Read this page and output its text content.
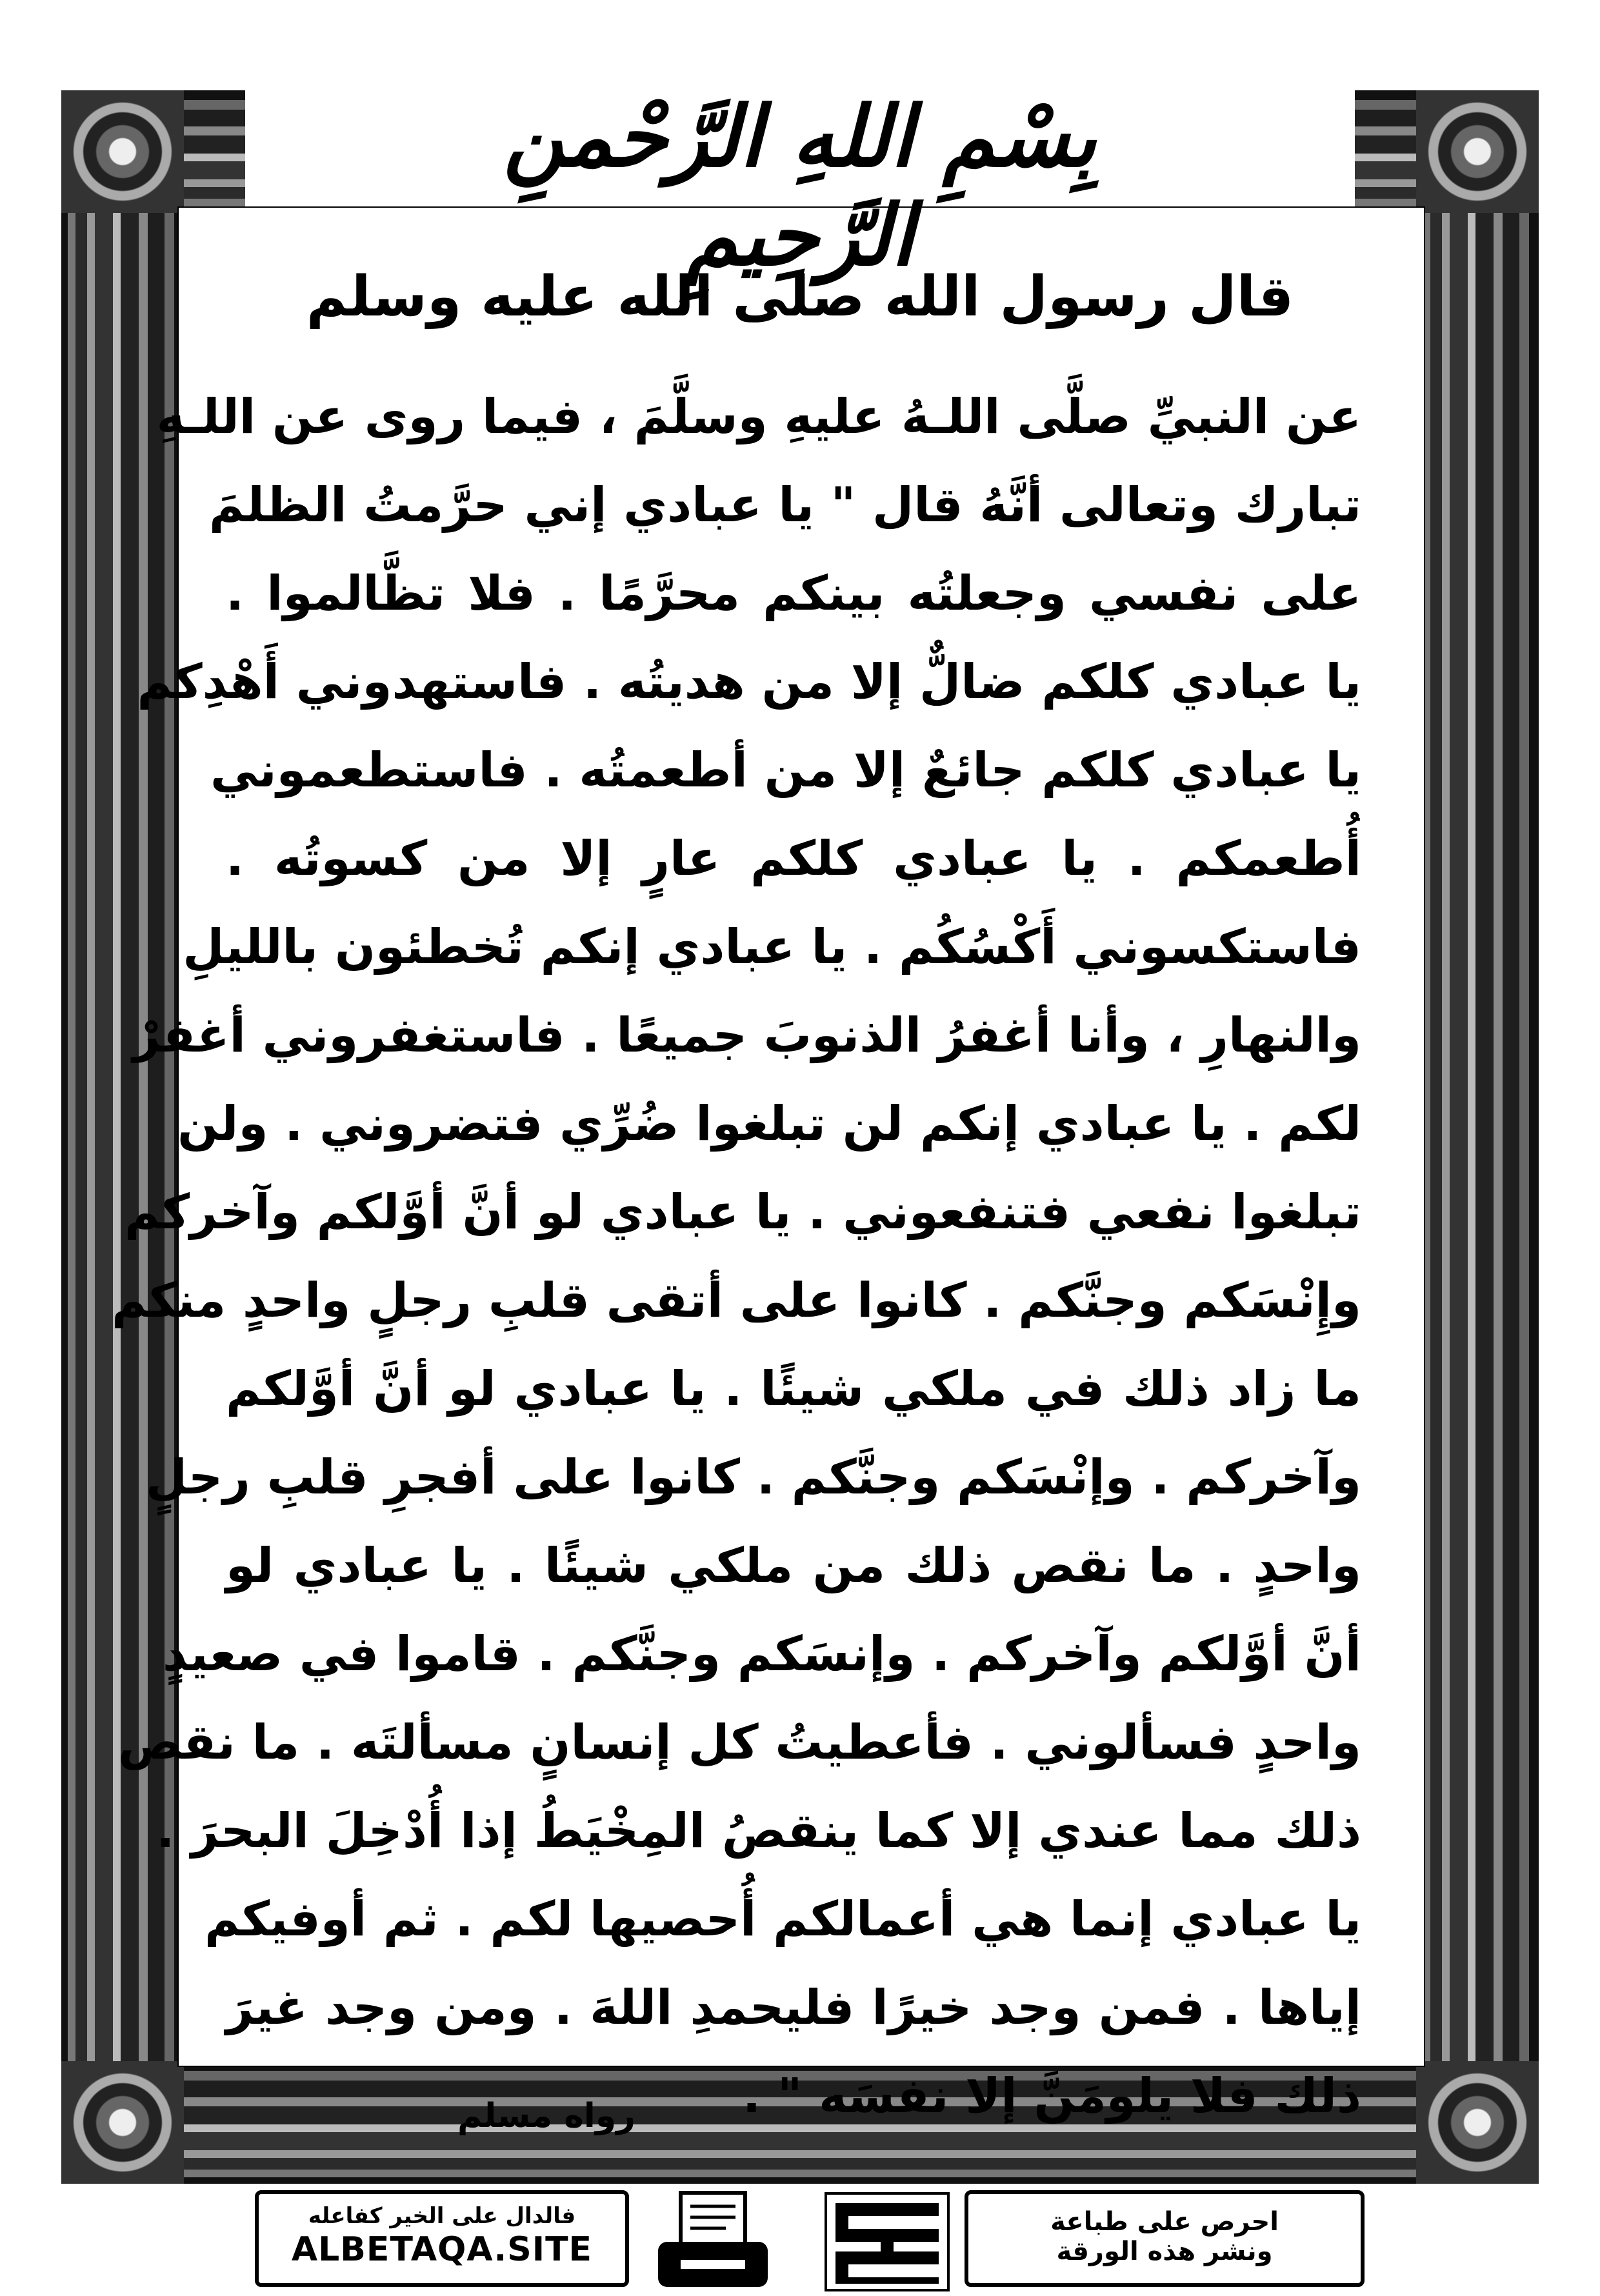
بِسْمِ اللهِ الرَّحْمنِ الرَّحِيمِ
قال رسول الله صلى الله عليه وسلم
عن النبيِّ صلَّى اللـهُ عليهِ وسلَّمَ ، فيما روى عن اللـهِ
تبارك وتعالى أنَّهُ قال " يا عبادي إني حرَّمتُ الظلمَ
على نفسي وجعلتُه بينكم محرَّمًا . فلا تظَّالموا .
يا عبادي كلكم ضالٌّ إلا من هديتُه . فاستهدوني أَهْدِكم
يا عبادي كلكم جائعٌ إلا من أطعمتُه . فاستطعموني
أُطعمكم . يا عبادي كلكم عارٍ إلا من كسوتُه .
فاستكسوني أَكْسُكُم . يا عبادي إنكم تُخطئون بالليلِ
والنهارِ ، وأنا أغفرُ الذنوبَ جميعًا . فاستغفروني أغفرْ
لكم . يا عبادي إنكم لن تبلغوا ضُرِّي فتضروني . ولن
تبلغوا نفعي فتنفعوني . يا عبادي لو أنَّ أوَّلكم وآخركم
وإِنْسَكم وجنَّكم . كانوا على أتقى قلبِ رجلٍ واحدٍ منكم
ما زاد ذلك في ملكي شيئًا . يا عبادي لو أنَّ أوَّلكم
وآخركم . وإنْسَكم وجنَّكم . كانوا على أفجرِ قلبِ رجلٍ
واحدٍ . ما نقص ذلك من ملكي شيئًا . يا عبادي لو
أنَّ أوَّلكم وآخركم . وإنسَكم وجنَّكم . قاموا في صعيدٍ
واحدٍ فسألوني . فأعطيتُ كل إنسانٍ مسألتَه . ما نقص
ذلك مما عندي إلا كما ينقصُ المِخْيَطُ إذا أُدْخِلَ البحرَ .
يا عبادي إنما هي أعمالكم أُحصيها لكم . ثم أوفيكم
إياها . فمن وجد خيرًا فليحمدِ اللهَ . ومن وجد غيرَ
ذلك فلا يلومَنَّ إلا نفسَه " .
رواه مسلم
فالدال على الخير كفاعله
ALBETAQA.SITE
احرص على طباعة
ونشر هذه الورقة
